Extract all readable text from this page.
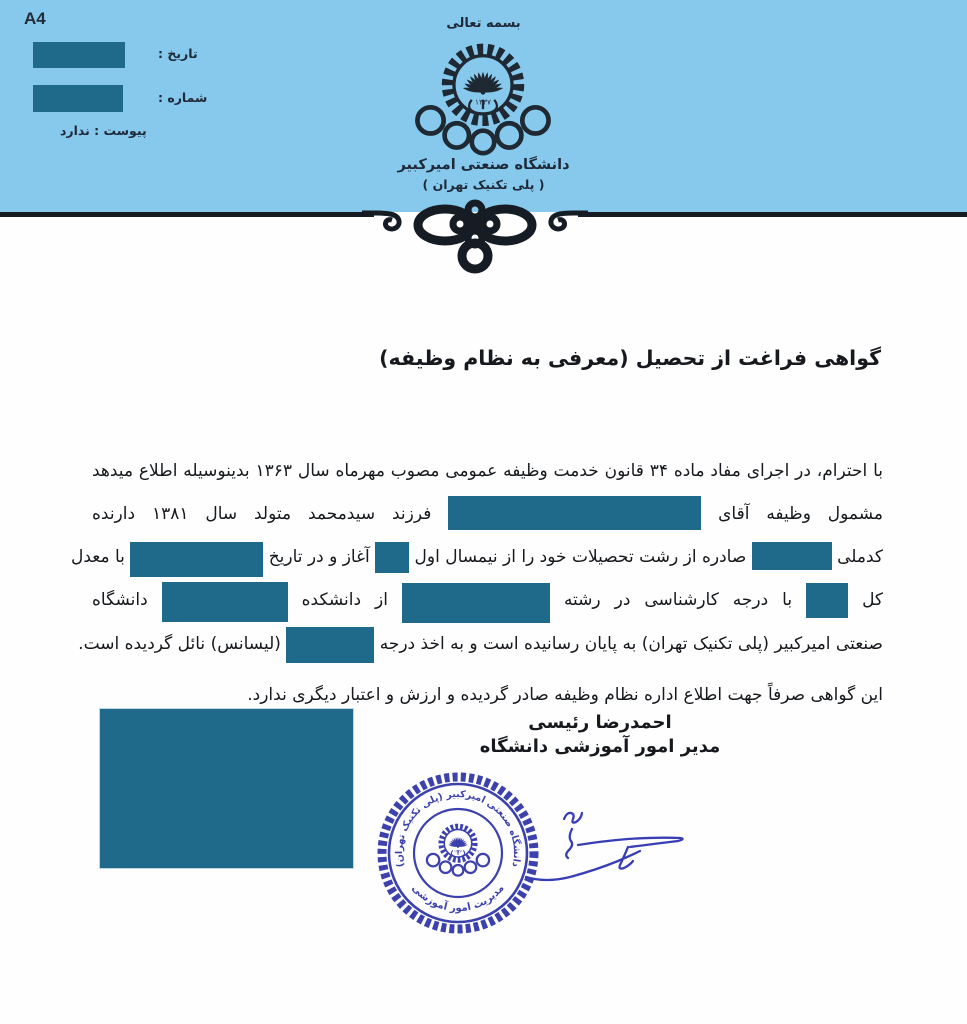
A4
تاریخ :
شماره :
پیوست : ندارد
بسمه تعالی
دانشگاه صنعتی امیرکبیر
( پلی تکنیک تهران )
گواهی فراغت از تحصیل (معرفی به نظام وظیفه)
با احترام، در اجرای مفاد ماده ۳۴ قانون خدمت وظیفه عمومی مصوب مهرماه سال ۱۳۶۳ بدینوسیله اطلاع میدهد
مشمول وظیفه آقای  فرزند سیدمحمد متولد سال ۱۳۸۱ دارنده
کدملی  صادره از رشت تحصیلات خود را از نیمسال اول  آغاز و در تاریخ  با معدل
کل  با درجه کارشناسی در رشته  از دانشکده  دانشگاه
صنعتی امیرکبیر (پلی تکنیک تهران) به پایان رسانیده است و به اخذ درجه  (لیسانس) نائل گردیده است.
این گواهی صرفاً جهت اطلاع اداره نظام وظیفه صادر گردیده و ارزش و اعتبار دیگری ندارد.
احمدرضا رئیسی
مدیر امور آموزشی دانشگاه
دانشگاه صنعتی امیرکبیر (پلی تکنیک تهران)
مدیریت امور آموزشی
